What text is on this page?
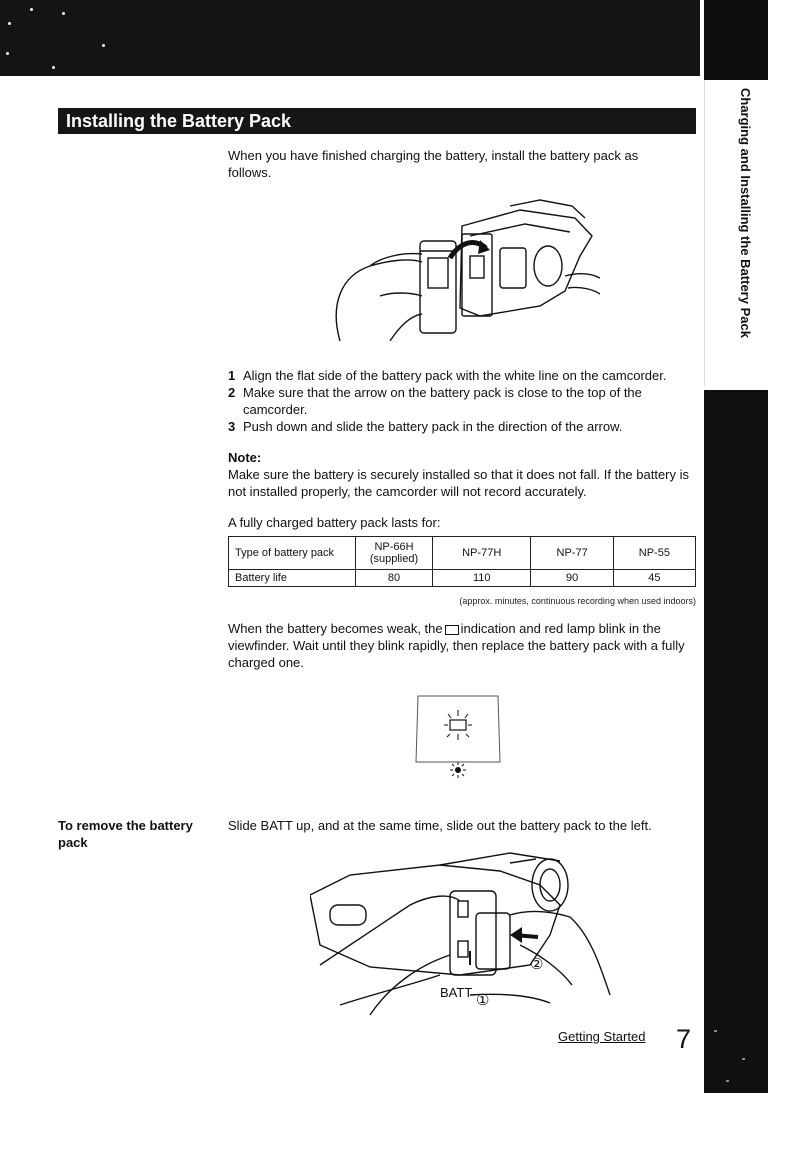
Charging and Installing the Battery Pack
Installing the Battery Pack
When you have finished charging the battery, install the battery pack as follows.
1 Align the flat side of the battery pack with the white line on the camcorder.
2 Make sure that the arrow on the battery pack is close to the top of the camcorder.
3 Push down and slide the battery pack in the direction of the arrow.
Note:
Make sure the battery is securely installed so that it does not fall. If the battery is not installed properly, the camcorder will not record accurately.
A fully charged battery pack lasts for:
Type of battery pack	NP-66H (supplied)	NP-77H	NP-77	NP-55
Battery life	80	110	90	45
(approx. minutes, continuous recording when used indoors)
When the battery becomes weak, the indication and red lamp blink in the viewfinder. Wait until they blink rapidly, then replace the battery pack with a fully charged one.
To remove the battery pack
Slide BATT up, and at the same time, slide out the battery pack to the left.
BATT ①
②
Getting Started 7
